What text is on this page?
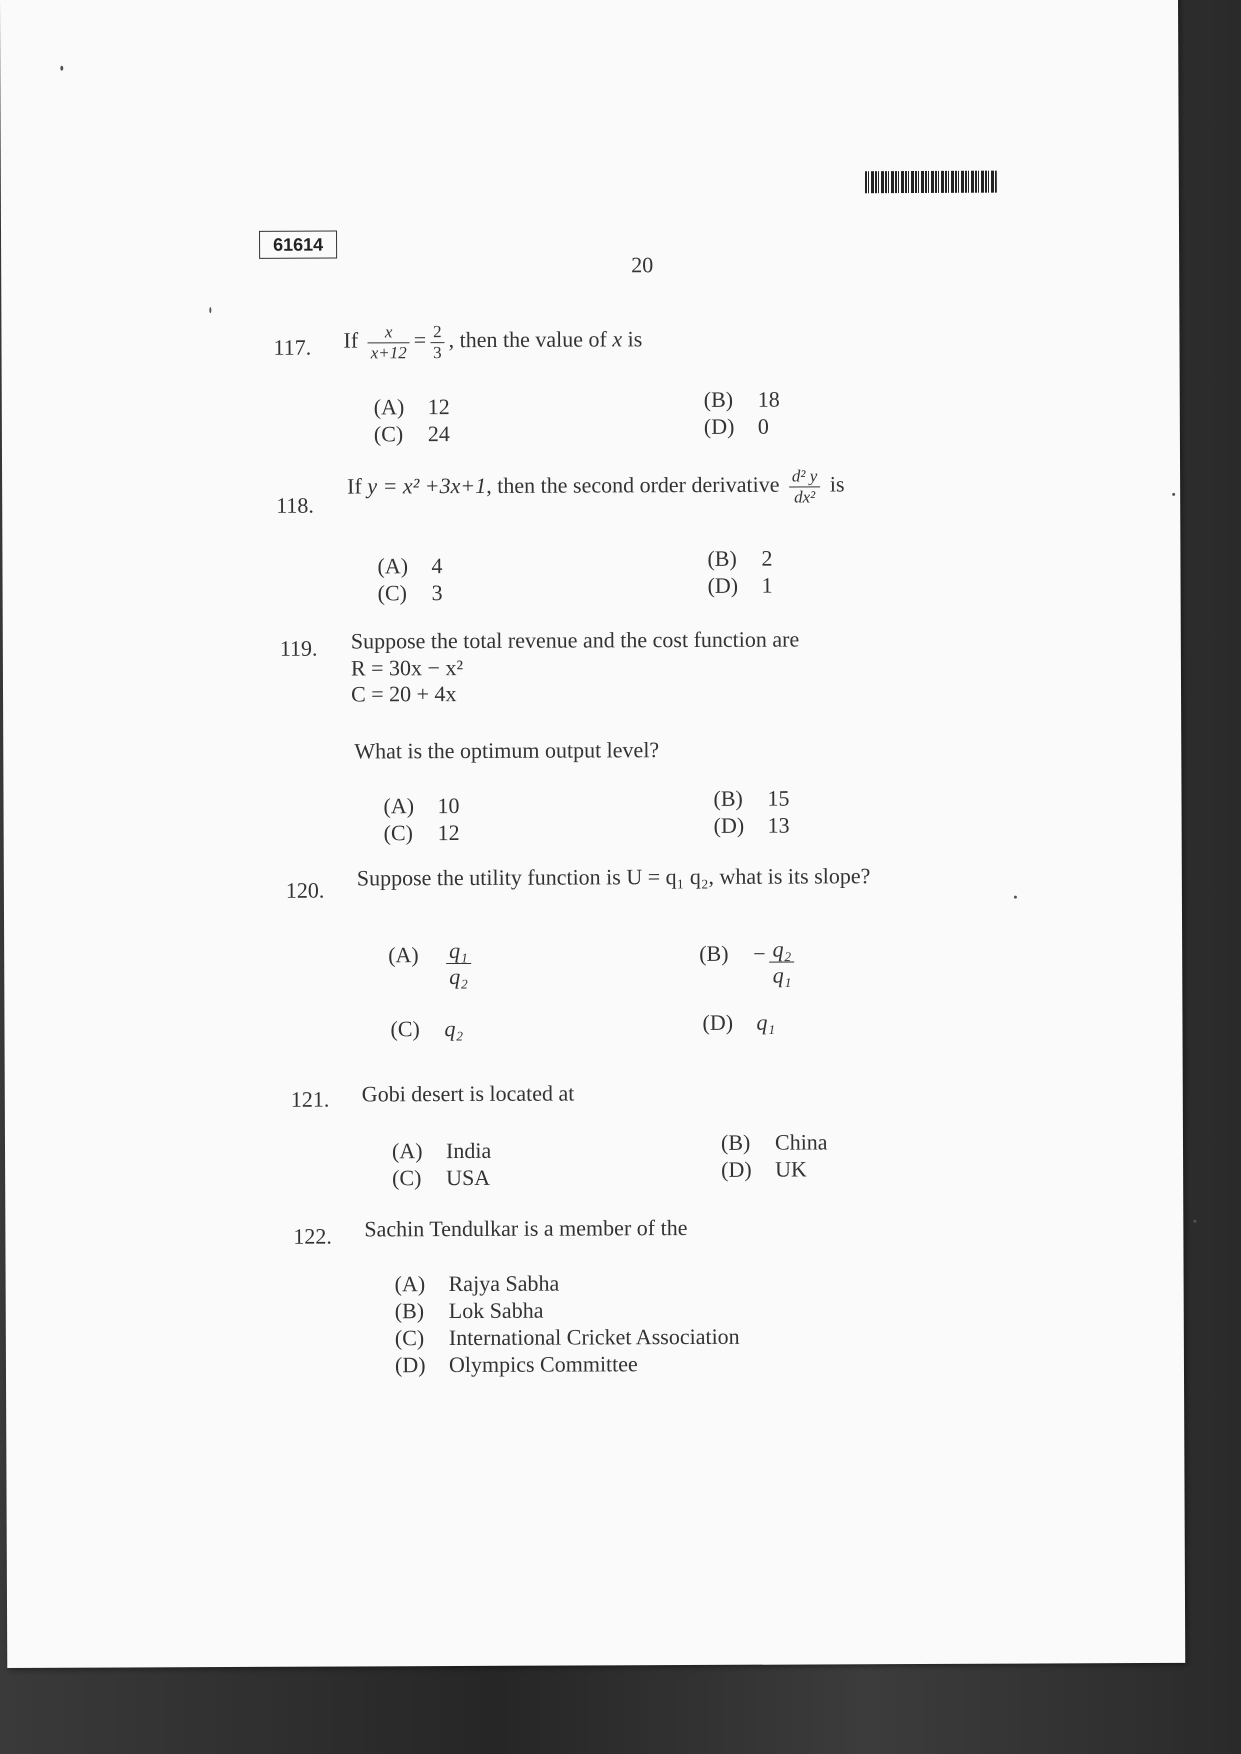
61614
20
117. If $\frac{x}{x+12} = \frac{2}{3}$ , then the value of x is
(A) 12	(B) 18
(C) 24	(D) 0
118.
If y = x² +3x+1, then the second order derivative $\frac{\text{d² y}}{\text{dx²}}$ is
(A) 4	(B) 2
(C) 3	(D) 1
119. Suppose the total revenue and the cost function are
R = 30x − x²
C = 20 + 4x
What is the optimum output level?
(A) 10	(B) 15
(C) 12	(D) 13
120. Suppose the utility function is U = q₁ q₂, what is its slope?
$(A) \frac{\text{q₁}}{\text{q₂}}$	$(B) - \frac{\text{q₂}}{\text{q₁}}$
(C) q₂	(D) q₁
121. Gobi desert is located at
(A) India	(B) China
(C) USA	(D) UK
122. Sachin Tendulkar is a member of the
(A) Rajya Sabha
(B) Lok Sabha
(C) International Cricket Association
(D) Olympics Committee
